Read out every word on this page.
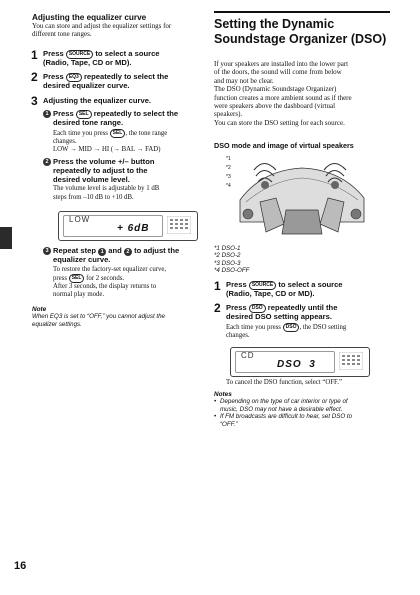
Adjusting the equalizer curve
You can store and adjust the equalizer settings for different tone ranges.
1 Press SOURCE to select a source
(Radio, Tape, CD or MD).
2 Press EQ3 repeatedly to select the
desired equalizer curve.
3 Adjusting the equalizer curve.
1 Press SEL repeatedly to select the
desired tone range.
Each time you press SEL , the tone range
changes.
LOW → MID → HI (→ BAL → FAD)
2 Press the volume +/– button
repeatedly to adjust to the
desired volume level.
The volume level is adjustable by 1 dB
steps from –10 dB to +10 dB.
LOW
+ 6dB
3 Repeat step 1 and 2 to adjust the
equalizer curve.
To restore the factory-set equalizer curve,
press SEL for 2 seconds.
After 3 seconds, the display returns to
normal play mode.
Note
When EQ3 is set to “OFF,” you cannot adjust the
equalizer settings.
Setting the Dynamic
Soundstage Organizer (DSO)
If your speakers are installed into the lower part
of the doors, the sound will come from below
and may not be clear.
The DSO (Dynamic Soundstage Organizer)
function creates a more ambient sound as if there
were speakers above the dashboard (virtual
speakers).
You can store the DSO setting for each source.
DSO mode and image of virtual speakers
*1
*2
*3
*4
*1 DSO-1
*2 DSO-2
*3 DSO-3
*4 DSO-OFF
1 Press SOURCE to select a source
(Radio, Tape, CD or MD).
2 Press DSO repeatedly until the
desired DSO setting appears.
Each time you press DSO , the DSO setting
changes.
CD
DSO  3
To cancel the DSO function, select “OFF.”
Notes
• Depending on the type of car interior or type of
music, DSO may not have a desirable effect.
• If FM broadcasts are difficult to hear, set DSO to
“OFF.”
16
